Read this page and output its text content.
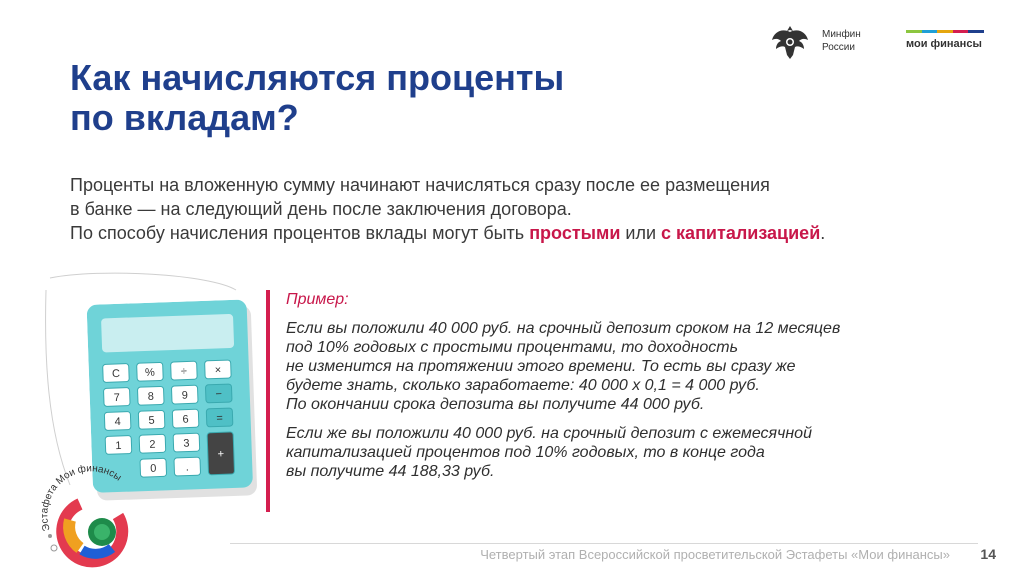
Минфин
России	мои финансы
Как начисляются проценты
по вкладам?

Проценты на вложенную сумму начинают начисляться сразу после ее размещения

в банке — на следующий день после заключения договора.

По способу начисления процентов вклады могут быть простыми или с капитализацией.

C % ÷ ×
7 8 9 −
4 5 6 =
1 2 3
+
0	.
Эстафета Мои финансы
Пример:

Если вы положили 40 000 руб. на срочный депозит сроком на 12 месяцев
под 10% годовых с простыми процентами, то доходность
не изменится на протяжении этого времени. То есть вы сразу же
будете знать, сколько заработаете: 40 000 х 0,1 = 4 000 руб.
По окончании срока депозита вы получите 44 000 руб.

Если же вы положили 40 000 руб. на срочный депозит с ежемесячной
капитализацией процентов под 10% годовых, то в конце года
вы получите 44 188,33 руб.

Четвертый этап Всероссийской просветительской Эстафеты «Мои финансы» 14
